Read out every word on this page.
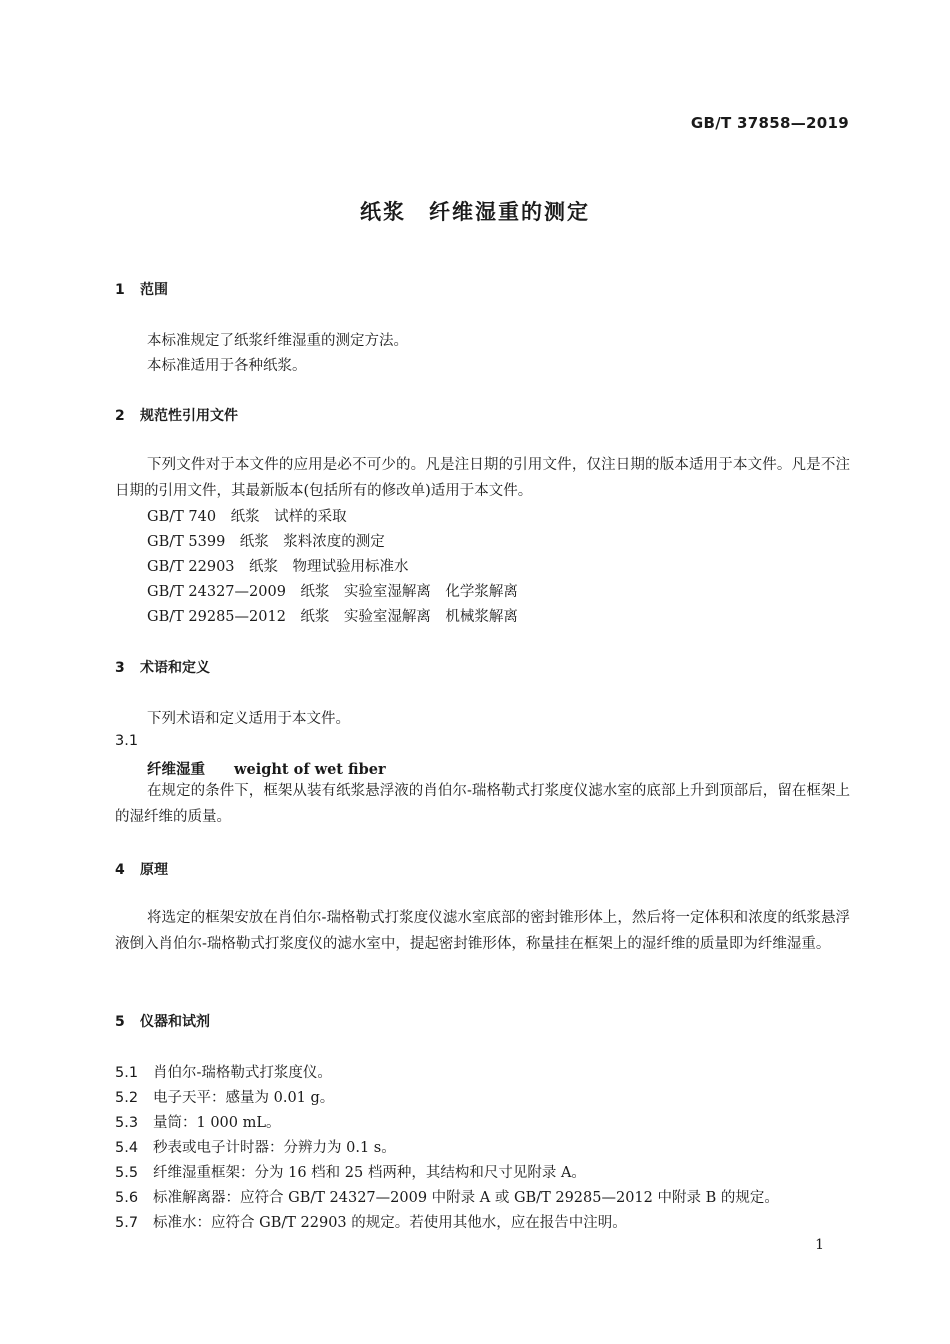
GB/T 37858—2019
纸浆　纤维湿重的测定
1 范围
本标准规定了纸浆纤维湿重的测定方法。
本标准适用于各种纸浆。
2 规范性引用文件
下列文件对于本文件的应用是必不可少的。凡是注日期的引用文件，仅注日期的版本适用于本文件。凡是不注日期的引用文件，其最新版本(包括所有的修改单)适用于本文件。
GB/T 740　纸浆　试样的采取
GB/T 5399　纸浆　浆料浓度的测定
GB/T 22903　纸浆　物理试验用标准水
GB/T 24327—2009　纸浆　实验室湿解离　化学浆解离
GB/T 29285—2012　纸浆　实验室湿解离　机械浆解离
3 术语和定义
下列术语和定义适用于本文件。
3.1
纤维湿重　　 weight of wet fiber
在规定的条件下，框架从装有纸浆悬浮液的肖伯尔-瑞格勒式打浆度仪滤水室的底部上升到顶部后，留在框架上的湿纤维的质量。
4 原理
将选定的框架安放在肖伯尔-瑞格勒式打浆度仪滤水室底部的密封锥形体上，然后将一定体积和浓度的纸浆悬浮液倒入肖伯尔-瑞格勒式打浆度仪的滤水室中，提起密封锥形体，称量挂在框架上的湿纤维的质量即为纤维湿重。
5 仪器和试剂
5.1 肖伯尔-瑞格勒式打浆度仪。
5.2 电子天平：感量为 0.01 g。
5.3 量筒：1 000 mL。
5.4 秒表或电子计时器：分辨力为 0.1 s。
5.5 纤维湿重框架：分为 16 档和 25 档两种，其结构和尺寸见附录 A。
5.6 标准解离器：应符合 GB/T 24327—2009 中附录 A 或 GB/T 29285—2012 中附录 B 的规定。
5.7 标准水：应符合 GB/T 22903 的规定。若使用其他水，应在报告中注明。
1
